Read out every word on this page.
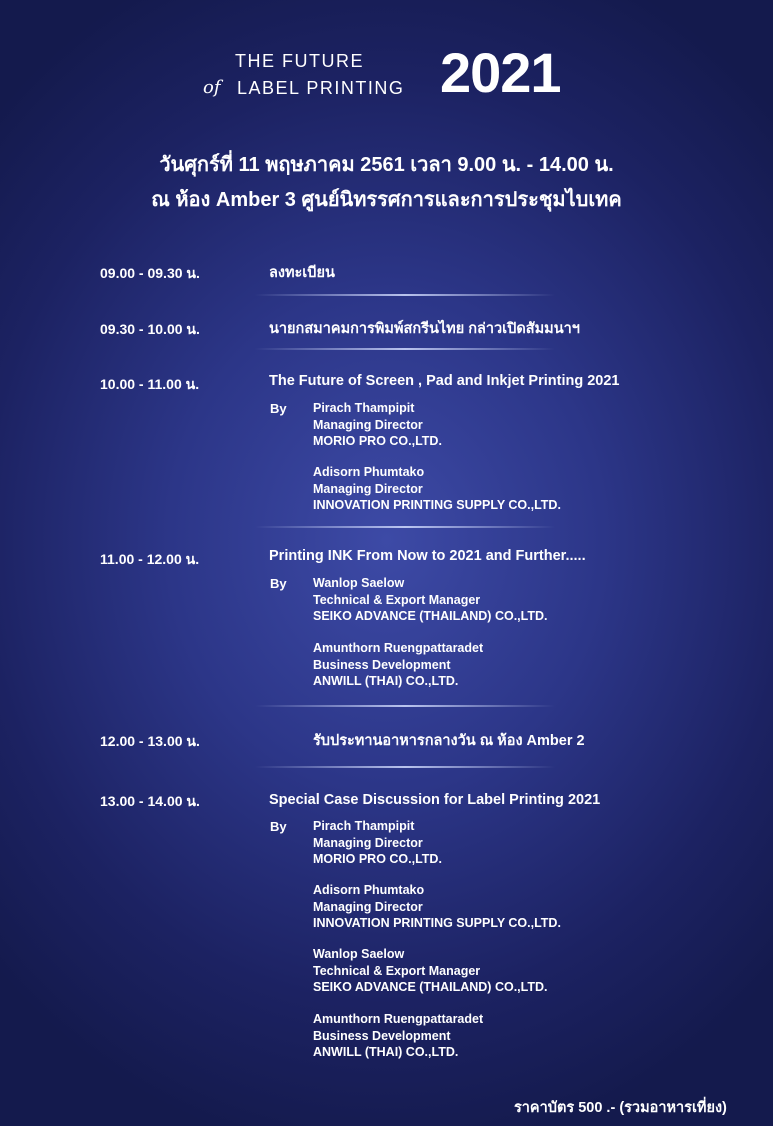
THE FUTURE
of LABEL PRINTING 2021
วันศุกร์ที่ 11 พฤษภาคม 2561 เวลา 9.00 น. - 14.00 น.
ณ ห้อง Amber 3 ศูนย์นิทรรศการและการประชุมไบเทค
09.00 - 09.30 น.	ลงทะเบียน
09.30 - 10.00 น.	นายกสมาคมการพิมพ์สกรีนไทย กล่าวเปิดสัมมนาฯ
10.00 - 11.00 น.	The Future of Screen , Pad and Inkjet Printing 2021
By Pirach Thampipit
Managing Director
MORIO PRO CO.,LTD.
Adisorn Phumtako
Managing Director
INNOVATION PRINTING SUPPLY CO.,LTD.
11.00 - 12.00 น.	Printing INK From Now to 2021 and Further.....
By Wanlop Saelow
Technical & Export Manager
SEIKO ADVANCE (THAILAND) CO.,LTD.
Amunthorn Ruengpattaradet
Business Development
ANWILL (THAI) CO.,LTD.
12.00 - 13.00 น.	รับประทานอาหารกลางวัน ณ ห้อง Amber 2
13.00 - 14.00 น.	Special Case Discussion for Label Printing 2021
By Pirach Thampipit
Managing Director
MORIO PRO CO.,LTD.
Adisorn Phumtako
Managing Director
INNOVATION PRINTING SUPPLY CO.,LTD.
Wanlop Saelow
Technical & Export Manager
SEIKO ADVANCE (THAILAND) CO.,LTD.
Amunthorn Ruengpattaradet
Business Development
ANWILL (THAI) CO.,LTD.
ราคาบัตร 500 .- (รวมอาหารเที่ยง)
